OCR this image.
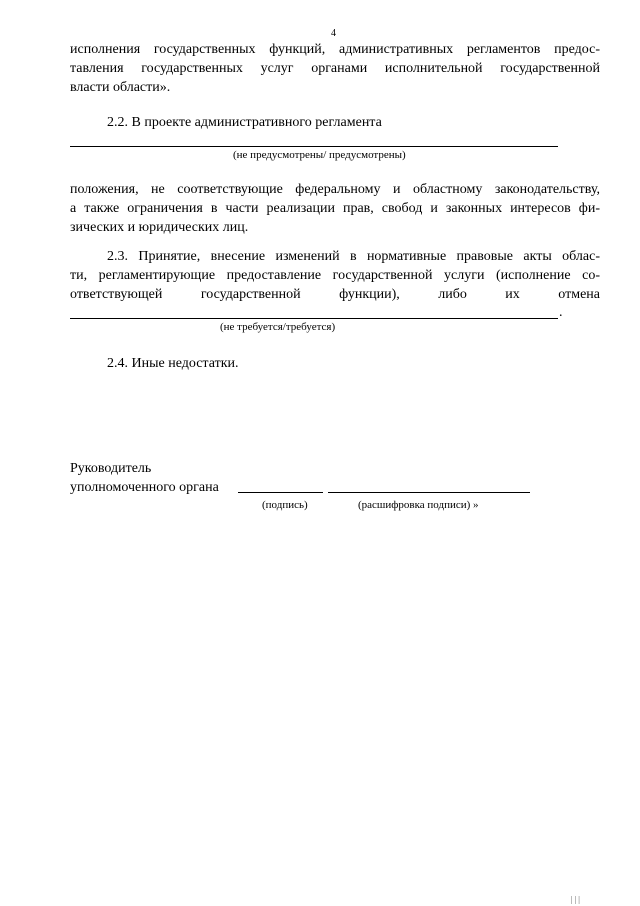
4
исполнения государственных функций, административных регламентов предос-
тавления государственных услуг органами исполнительной государственной
власти области».
2.2. В проекте административного регламента
(не предусмотрены/ предусмотрены)
положения, не соответствующие федеральному и областному законодательству,
а также ограничения в части реализации прав, свобод и законных интересов фи-
зических и юридических лиц.
2.3. Принятие, внесение изменений в нормативные правовые акты облас-
ти, регламентирующие предоставление государственной услуги (исполнение со-
ответствующей государственной функции), либо их отмена
.
(не требуется/требуется)
2.4. Иные недостатки.
Руководитель
уполномоченного органа
(подпись)	(расшифровка подписи) »
| | |
